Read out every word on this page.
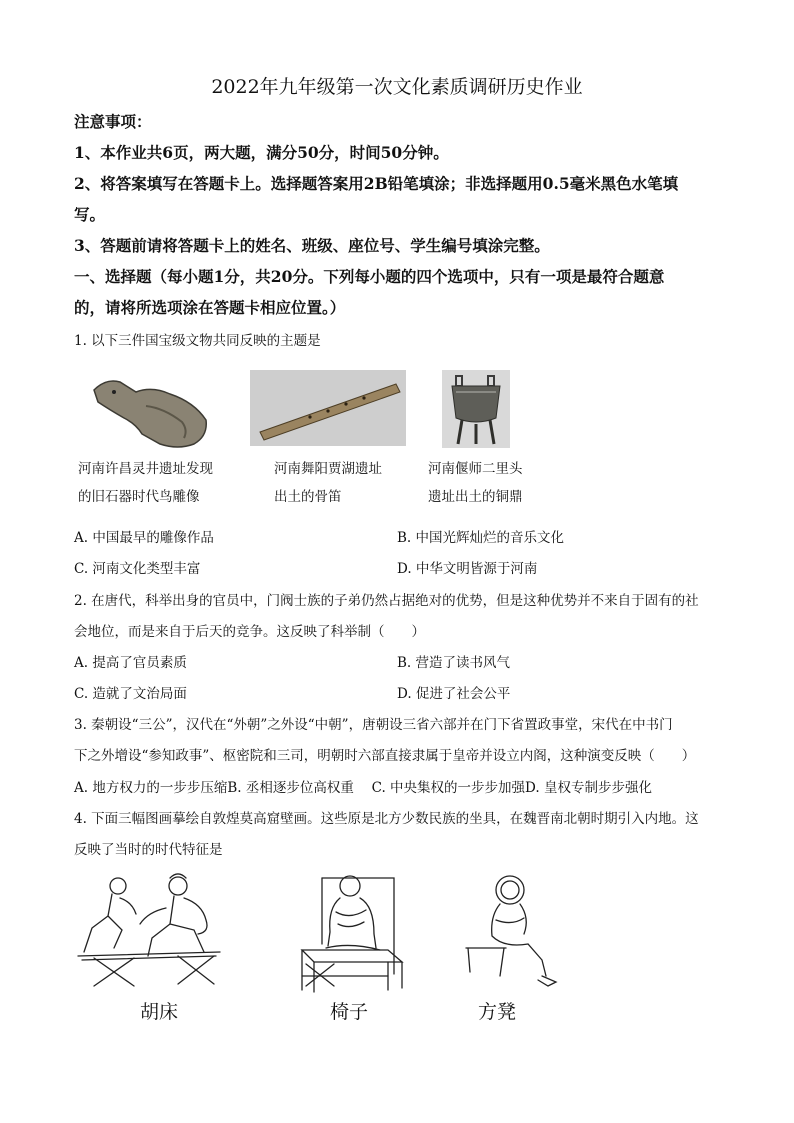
2022年九年级第一次文化素质调研历史作业
注意事项：
1、本作业共6页，两大题，满分50分，时间50分钟。
2、将答案填写在答题卡上。选择题答案用2B铅笔填涂；非选择题用0.5毫米黑色水笔填
写。
3、答题前请将答题卡上的姓名、班级、座位号、学生编号填涂完整。
一、选择题（每小题1分，共20分。下列每小题的四个选项中，只有一项是最符合题意
的，请将所选项涂在答题卡相应位置。）
1. 以下三件国宝级文物共同反映的主题是
河南许昌灵井遗址发现
的旧石器时代鸟雕像
河南舞阳贾湖遗址
出土的骨笛
河南偃师二里头
遗址出土的铜鼎
A. 中国最早的雕像作品	B. 中国光辉灿烂的音乐文化
C. 河南文化类型丰富	D. 中华文明皆源于河南
2. 在唐代，科举出身的官员中，门阀士族的子弟仍然占据绝对的优势，但是这种优势并不来自于固有的社
会地位，而是来自于后天的竞争。这反映了科举制（　　）
A. 提高了官员素质	B. 营造了读书风气
C. 造就了文治局面	D. 促进了社会公平
3. 秦朝设“三公”，汉代在“外朝”之外设“中朝”，唐朝设三省六部并在门下省置政事堂，宋代在中书门
下之外增设“参知政事”、枢密院和三司，明朝时六部直接隶属于皇帝并设立内阁，这种演变反映（　　）
A. 地方权力的一步步压缩B. 丞相逐步位高权重　 C. 中央集权的一步步加强D. 皇权专制步步强化
4. 下面三幅图画摹绘自敦煌莫高窟壁画。这些原是北方少数民族的坐具，在魏晋南北朝时期引入内地。这
反映了当时的时代特征是
胡床	椅子	方凳
